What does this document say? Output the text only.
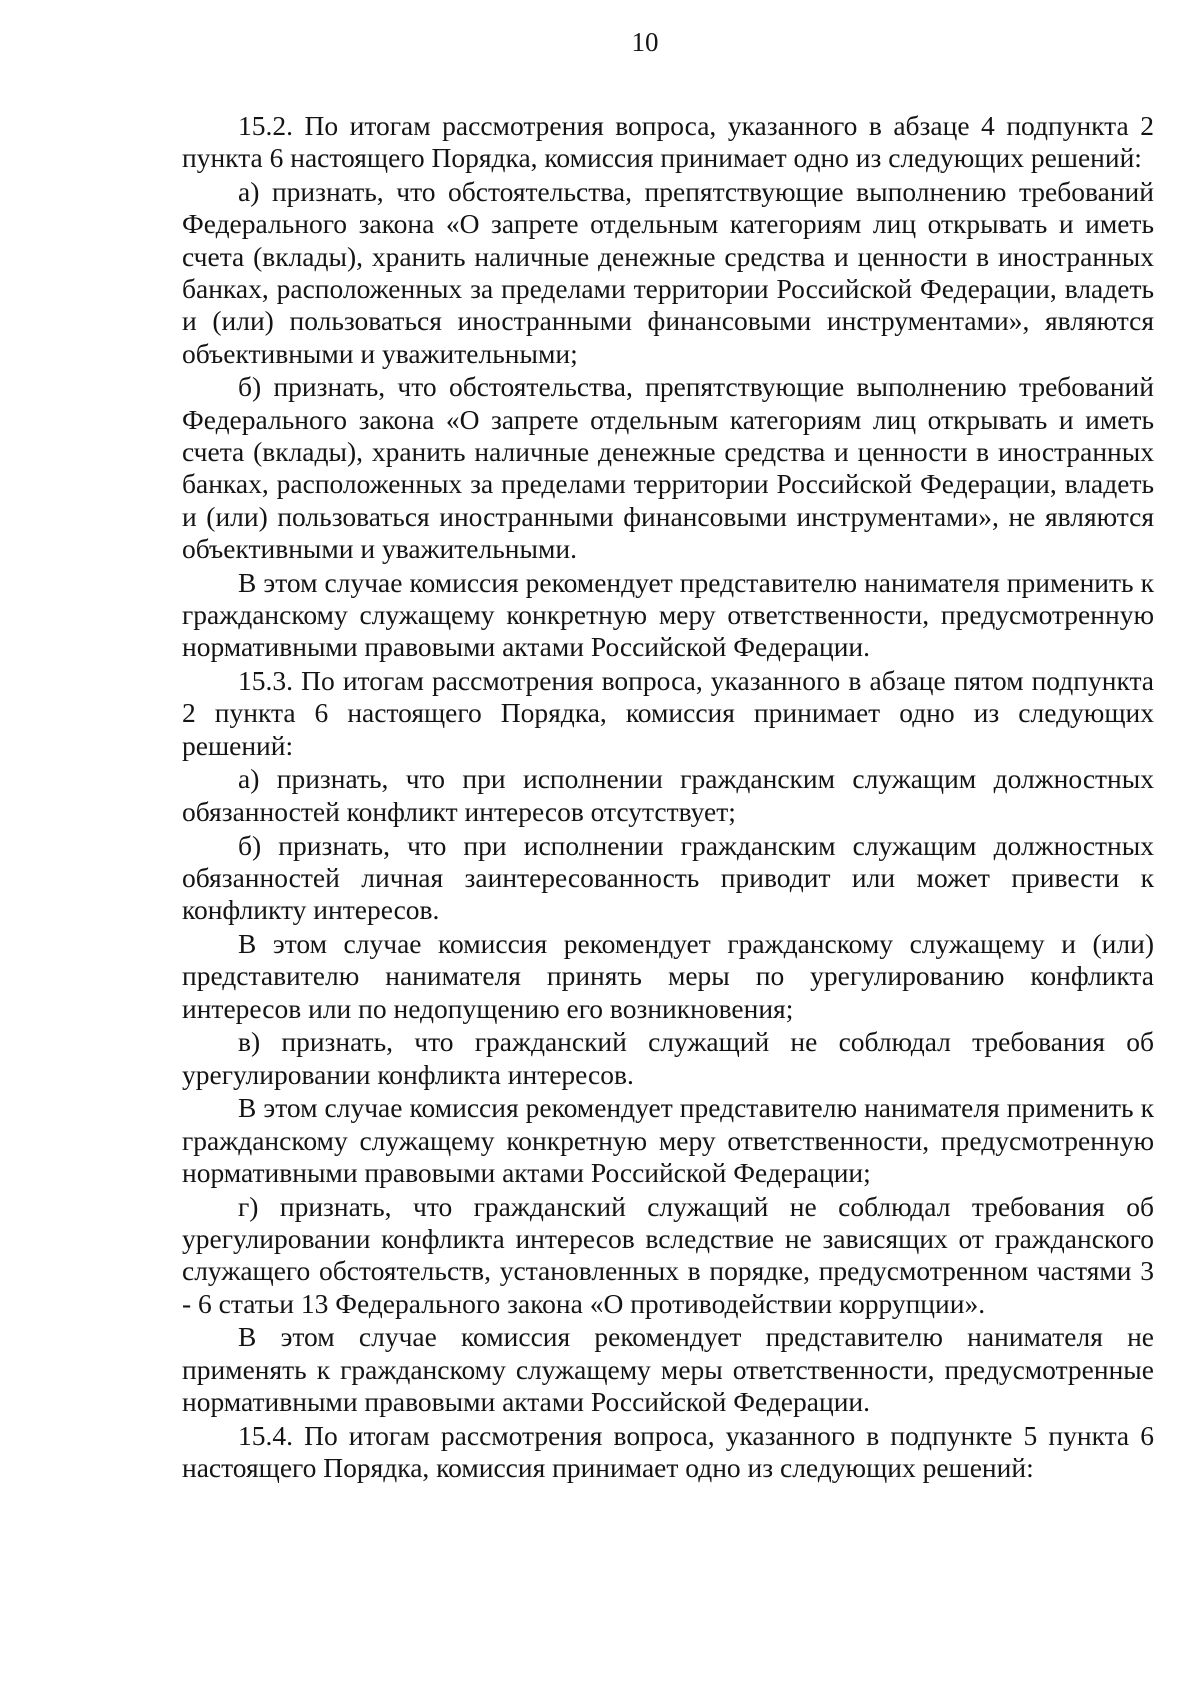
10

15.2. По итогам рассмотрения вопроса, указанного в абзаце 4 подпункта 2 пункта 6 настоящего Порядка, комиссия принимает одно из следующих решений:

а) признать, что обстоятельства, препятствующие выполнению требований Федерального закона «О запрете отдельным категориям лиц открывать и иметь счета (вклады), хранить наличные денежные средства и ценности в иностранных банках, расположенных за пределами территории Российской Федерации, владеть и (или) пользоваться иностранными финансовыми инструментами», являются объективными и уважительными;

б) признать, что обстоятельства, препятствующие выполнению требований Федерального закона «О запрете отдельным категориям лиц открывать и иметь счета (вклады), хранить наличные денежные средства и ценности в иностранных банках, расположенных за пределами территории Российской Федерации, владеть и (или) пользоваться иностранными финансовыми инструментами», не являются объективными и уважительными.

В этом случае комиссия рекомендует представителю нанимателя применить к гражданскому служащему конкретную меру ответственности, предусмотренную нормативными правовыми актами Российской Федерации.

15.3. По итогам рассмотрения вопроса, указанного в абзаце пятом подпункта 2 пункта 6 настоящего Порядка, комиссия принимает одно из следующих решений:

а) признать, что при исполнении гражданским служащим должностных обязанностей конфликт интересов отсутствует;

б) признать, что при исполнении гражданским служащим должностных обязанностей личная заинтересованность приводит или может привести к конфликту интересов.

В этом случае комиссия рекомендует гражданскому служащему и (или) представителю нанимателя принять меры по урегулированию конфликта интересов или по недопущению его возникновения;

в) признать, что гражданский служащий не соблюдал требования об урегулировании конфликта интересов.

В этом случае комиссия рекомендует представителю нанимателя применить к гражданскому служащему конкретную меру ответственности, предусмотренную нормативными правовыми актами Российской Федерации;

г) признать, что гражданский служащий не соблюдал требования об урегулировании конфликта интересов вследствие не зависящих от гражданского служащего обстоятельств, установленных в порядке, предусмотренном частями 3 - 6 статьи 13 Федерального закона «О противодействии коррупции».

В этом случае комиссия рекомендует представителю нанимателя не применять к гражданскому служащему меры ответственности, предусмотренные нормативными правовыми актами Российской Федерации.

15.4. По итогам рассмотрения вопроса, указанного в подпункте 5 пункта 6 настоящего Порядка, комиссия принимает одно из следующих решений:
